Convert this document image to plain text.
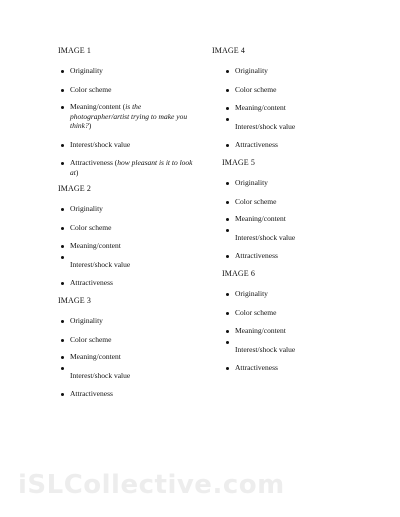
IMAGE 1
Originality
Color scheme
Meaning/content (is the photographer/artist trying to make you think?)
Interest/shock value
Attractiveness (how pleasant is it to look at)
IMAGE 2
Originality
Color scheme
Meaning/content
Interest/shock value
Attractiveness
IMAGE 3
Originality
Color scheme
Meaning/content
Interest/shock value
Attractiveness
IMAGE 4
Originality
Color scheme
Meaning/content
Interest/shock value
Attractiveness
IMAGE 5
Originality
Color scheme
Meaning/content
Interest/shock value
Attractiveness
IMAGE 6
Originality
Color scheme
Meaning/content
Interest/shock value
Attractiveness
iSLCollective.com
